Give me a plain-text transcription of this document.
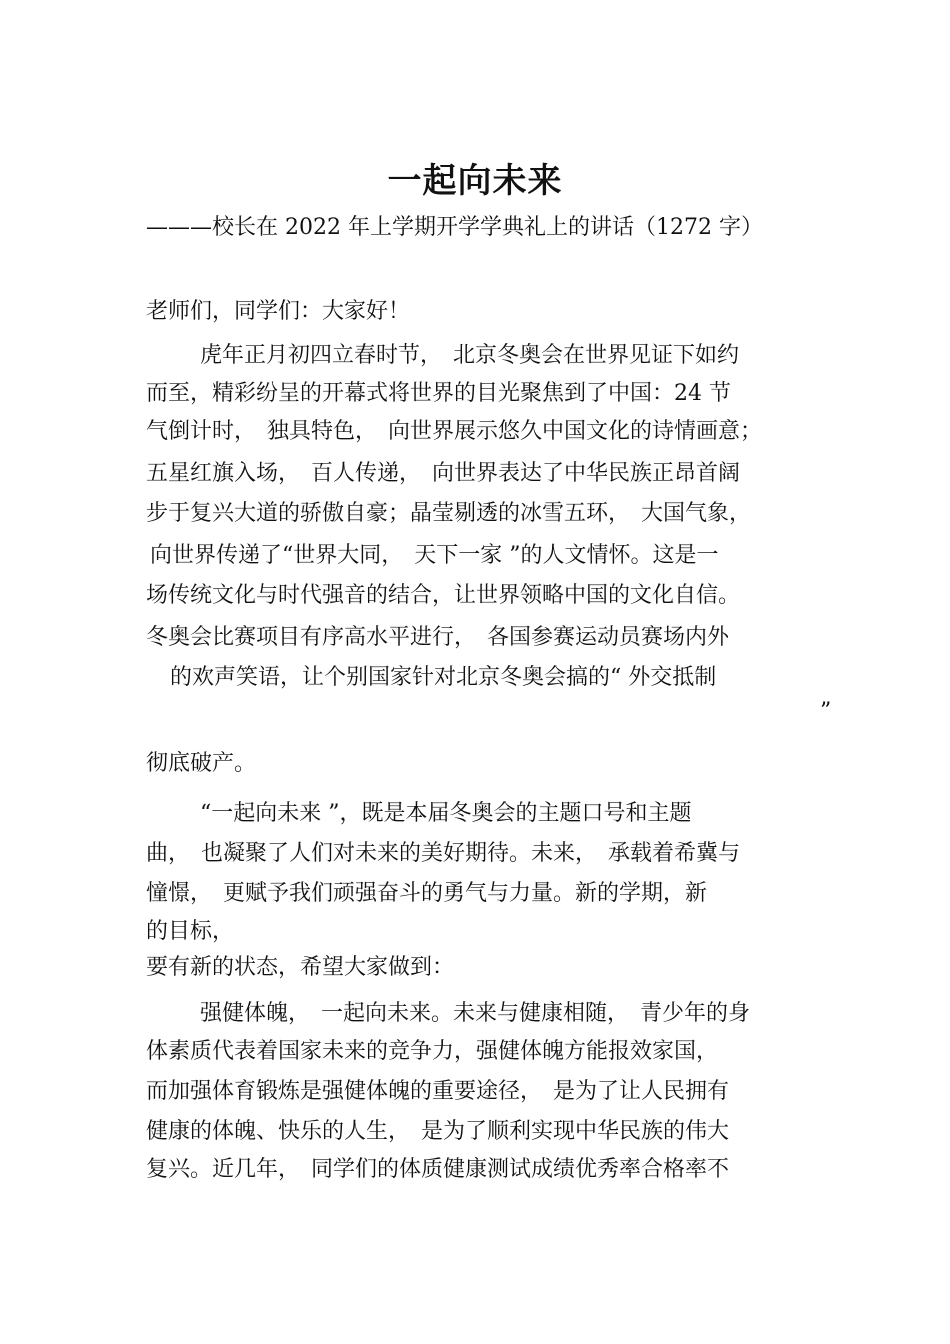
一起向未来
———校长在 2022 年上学期开学学典礼上的讲话（1272 字）
老师们，同学们：大家好！
虎年正月初四立春时节，　北京冬奥会在世界见证下如约
而至，精彩纷呈的开幕式将世界的目光聚焦到了中国：24 节
气倒计时，　独具特色，　向世界展示悠久中国文化的诗情画意；
五星红旗入场，　百人传递，　向世界表达了中华民族正昂首阔
步于复兴大道的骄傲自豪；晶莹剔透的冰雪五环，　大国气象，
向世界传递了“世界大同，　天下一家 ”的人文情怀。这是一
场传统文化与时代强音的结合，让世界领略中国的文化自信。
冬奥会比赛项目有序高水平进行，　各国参赛运动员赛场内外
的欢声笑语，让个别国家针对北京冬奥会搞的“ 外交抵制
”
彻底破产。
“一起向未来 ”，既是本届冬奥会的主题口号和主题
曲，　也凝聚了人们对未来的美好期待。未来，　承载着希冀与
憧憬，　更赋予我们顽强奋斗的勇气与力量。新的学期，新
的目标，
要有新的状态，希望大家做到：
强健体魄，　一起向未来。未来与健康相随，　青少年的身
体素质代表着国家未来的竞争力，强健体魄方能报效家国，
而加强体育锻炼是强健体魄的重要途径，　是为了让人民拥有
健康的体魄、快乐的人生，　是为了顺利实现中华民族的伟大
复兴。近几年，　同学们的体质健康测试成绩优秀率合格率不
